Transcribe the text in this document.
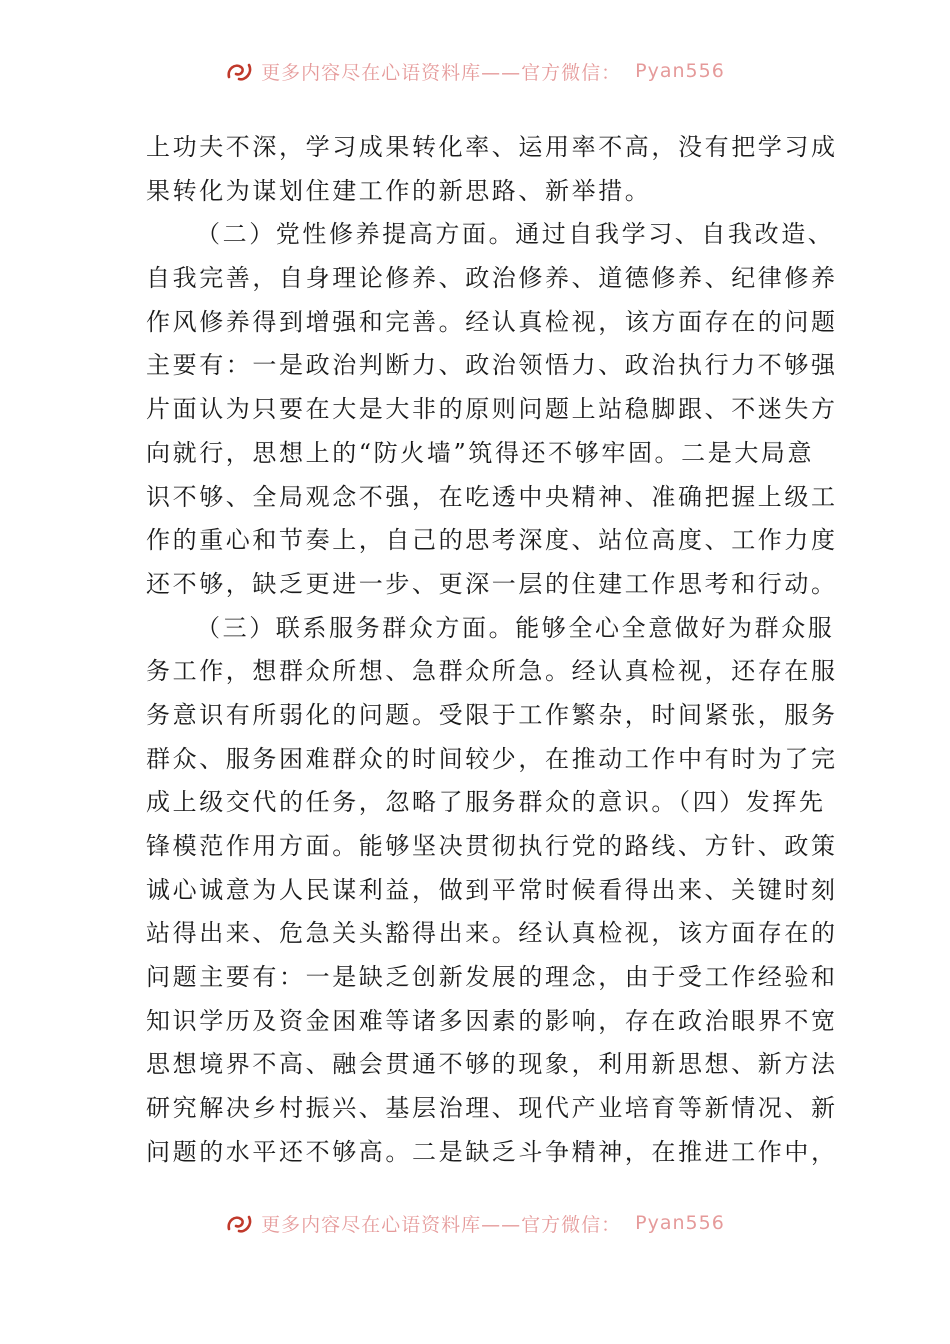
更多内容尽在心语资料库——官方微信： Pyan556
上功夫不深，学习成果转化率、运用率不高，没有把学习成
果转化为谋划住建工作的新思路、新举措。
（二）党性修养提高方面。通过自我学习、自我改造、
自我完善，自身理论修养、政治修养、道德修养、纪律修养
作风修养得到增强和完善。经认真检视，该方面存在的问题
主要有：一是政治判断力、政治领悟力、政治执行力不够强
片面认为只要在大是大非的原则问题上站稳脚跟、不迷失方
向就行，思想上的“防火墙”筑得还不够牢固。二是大局意
识不够、全局观念不强，在吃透中央精神、准确把握上级工
作的重心和节奏上，自己的思考深度、站位高度、工作力度
还不够，缺乏更进一步、更深一层的住建工作思考和行动。
（三）联系服务群众方面。能够全心全意做好为群众服
务工作，想群众所想、急群众所急。经认真检视，还存在服
务意识有所弱化的问题。受限于工作繁杂，时间紧张，服务
群众、服务困难群众的时间较少，在推动工作中有时为了完
成上级交代的任务，忽略了服务群众的意识。（四）发挥先
锋模范作用方面。能够坚决贯彻执行党的路线、方针、政策
诚心诚意为人民谋利益，做到平常时候看得出来、关键时刻
站得出来、危急关头豁得出来。经认真检视，该方面存在的
问题主要有：一是缺乏创新发展的理念，由于受工作经验和
知识学历及资金困难等诸多因素的影响，存在政治眼界不宽
思想境界不高、融会贯通不够的现象，利用新思想、新方法
研究解决乡村振兴、基层治理、现代产业培育等新情况、新
问题的水平还不够高。二是缺乏斗争精神，在推进工作中，
更多内容尽在心语资料库——官方微信： Pyan556
